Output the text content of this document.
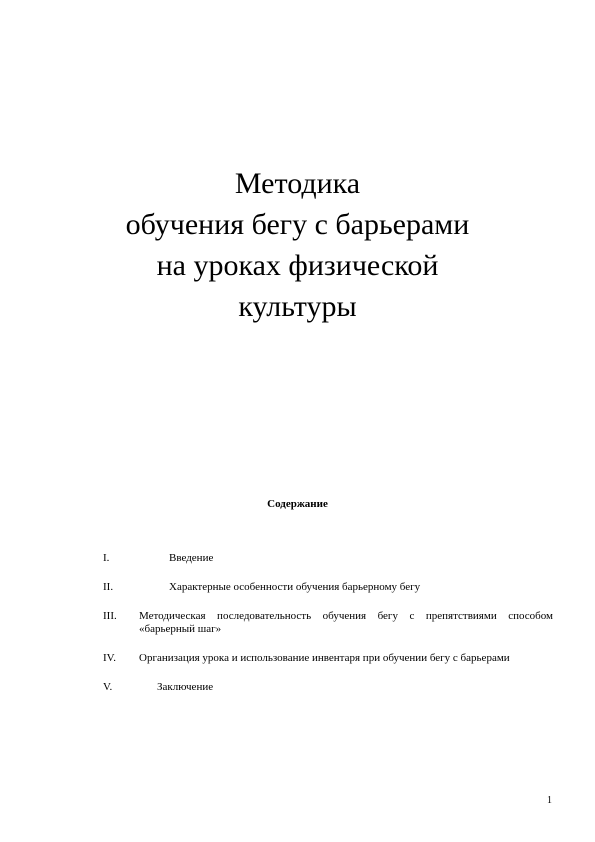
Методика
обучения бегу с барьерами
на уроках физической
культуры
Содержание
I.	Введение
II.	Характерные особенности обучения барьерному бегу
III.	Методическая последовательность обучения бегу с препятствиями способом «барьерный шаг»
IV.	Организация урока и использование инвентаря при обучении бегу с барьерами
V.	Заключение
1
